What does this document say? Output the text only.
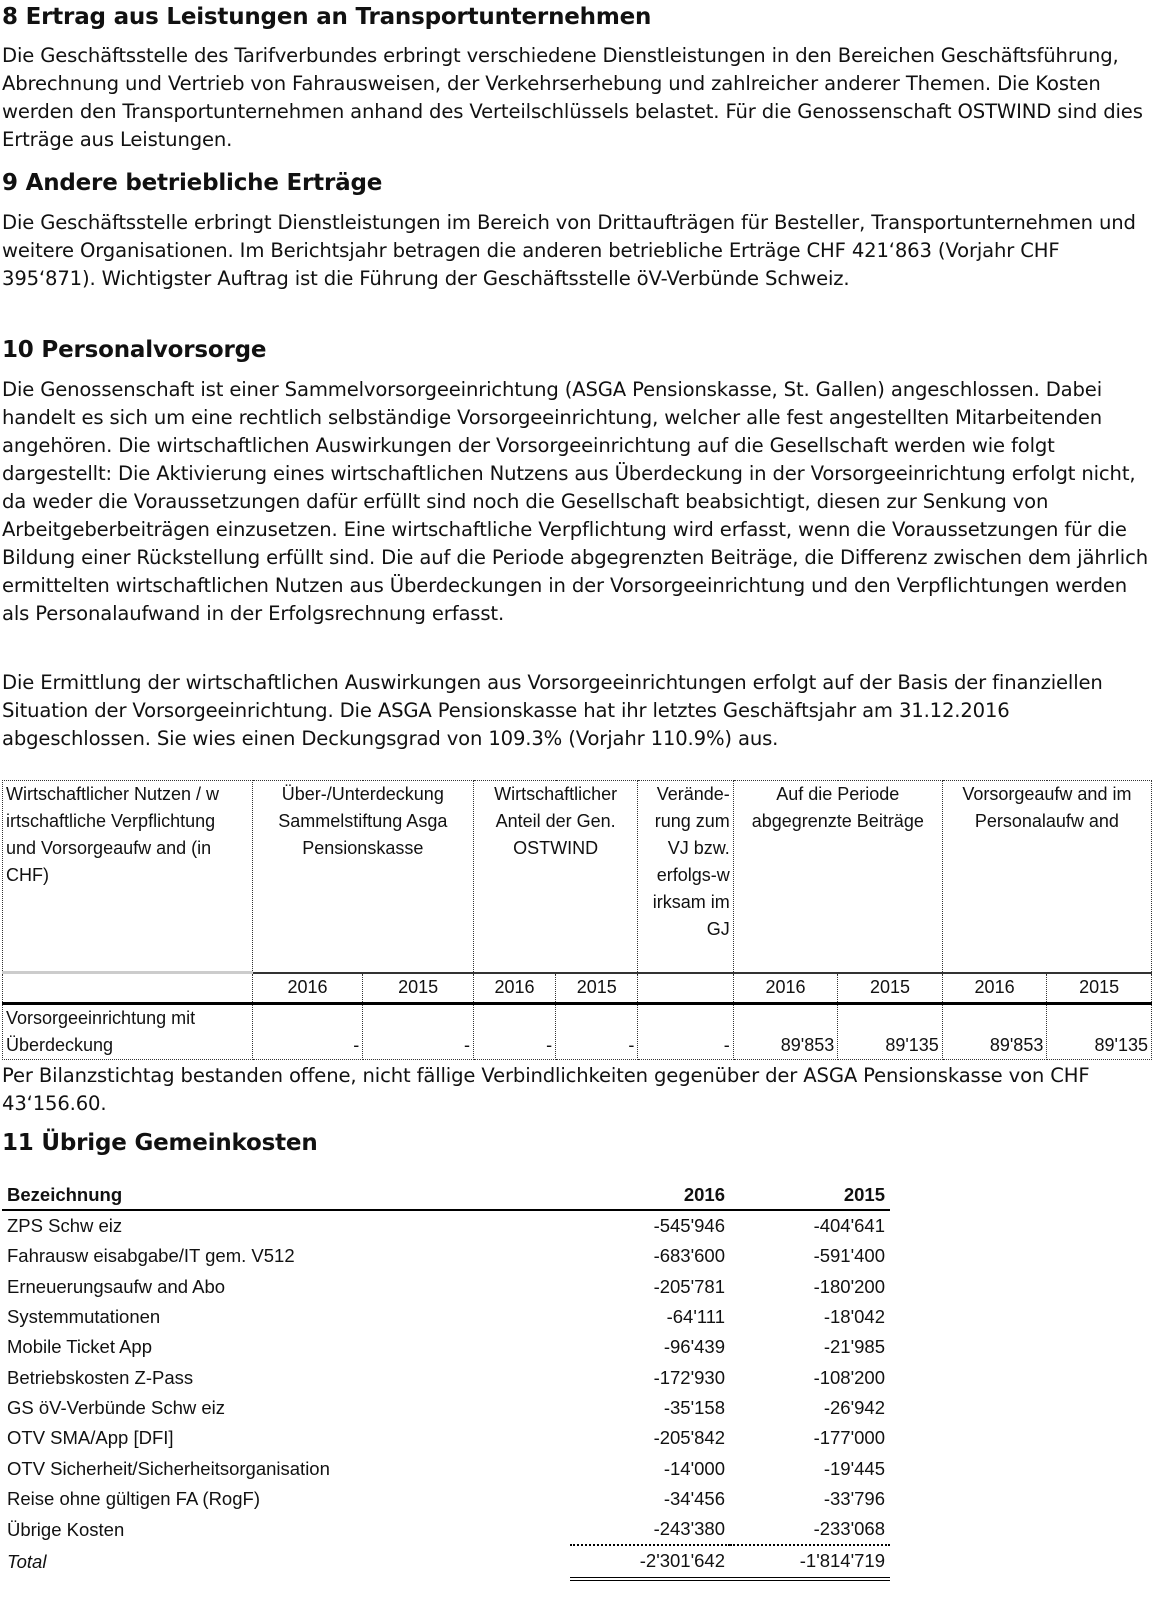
8 Ertrag aus Leistungen an Transportunternehmen

Die Geschäftsstelle des Tarifverbundes erbringt verschiedene Dienstleistungen in den Bereichen Geschäftsführung, Abrechnung und Vertrieb von Fahrausweisen, der Verkehrserhebung und zahlreicher anderer Themen. Die Kosten werden den Transportunternehmen anhand des Verteilschlüssels belastet. Für die Genossenschaft OSTWIND sind dies Erträge aus Leistungen.

9 Andere betriebliche Erträge

Die Geschäftsstelle erbringt Dienstleistungen im Bereich von Drittaufträgen für Besteller, Transportunternehmen und weitere Organisationen. Im Berichtsjahr betragen die anderen betriebliche Erträge CHF 421‘863 (Vorjahr CHF 395‘871). Wichtigster Auftrag ist die Führung der Geschäftsstelle öV-Verbünde Schweiz.

10 Personalvorsorge

Die Genossenschaft ist einer Sammelvorsorgeeinrichtung (ASGA Pensionskasse, St. Gallen) angeschlossen. Dabei handelt es sich um eine rechtlich selbständige Vorsorgeeinrichtung, welcher alle fest angestellten Mitarbeitenden angehören. Die wirtschaftlichen Auswirkungen der Vorsorgeeinrichtung auf die Gesellschaft werden wie folgt dargestellt: Die Aktivierung eines wirtschaftlichen Nutzens aus Überdeckung in der Vorsorgeeinrichtung erfolgt nicht, da weder die Voraussetzungen dafür erfüllt sind noch die Gesellschaft beabsichtigt, diesen zur Senkung von Arbeitgeberbeiträgen einzusetzen. Eine wirtschaftliche Verpflichtung wird erfasst, wenn die Voraussetzungen für die Bildung einer Rückstellung erfüllt sind. Die auf die Periode abgegrenzten Beiträge, die Differenz zwischen dem jährlich ermittelten wirtschaftlichen Nutzen aus Überdeckungen in der Vorsorgeeinrichtung und den Verpflichtungen werden als Personalaufwand in der Erfolgsrechnung erfasst.

Die Ermittlung der wirtschaftlichen Auswirkungen aus Vorsorgeeinrichtungen erfolgt auf der Basis der finanziellen Situation der Vorsorgeeinrichtung. Die ASGA Pensionskasse hat ihr letztes Geschäftsjahr am 31.12.2016 abgeschlossen. Sie wies einen Deckungsgrad von 109.3% (Vorjahr 110.9%) aus.

Wirtschaftlicher Nutzen / w irtschaftliche Verpflichtung und Vorsorgeaufw and (in CHF)	Über-/Unterdeckung Sammelstiftung Asga Pensionskasse		Wirtschaftlicher Anteil der Gen. OSTWIND		Verände-rung zum VJ bzw. erfolgs-w irksam im GJ	Auf die Periode abgegrenzte Beiträge		Vorsorgeaufw and im Personalaufw and	
	2016	2015	2016	2015		2016	2015	2016	2015
Vorsorgeeinrichtung mit Überdeckung	-	-	-	-	-	89'853	89'135	89'853	89'135

Per Bilanzstichtag bestanden offene, nicht fällige Verbindlichkeiten gegenüber der ASGA Pensionskasse von CHF 43‘156.60.

11 Übrige Gemeinkosten
Bezeichnung	2016	2015
ZPS Schw eiz	-545'946	-404'641
Fahrausw eisabgabe/IT gem. V512	-683'600	-591'400
Erneuerungsaufw and Abo	-205'781	-180'200
Systemmutationen	-64'111	-18'042
Mobile Ticket App	-96'439	-21'985
Betriebskosten Z-Pass	-172'930	-108'200
GS öV-Verbünde Schw eiz	-35'158	-26'942
OTV SMA/App [DFI]	-205'842	-177'000
OTV Sicherheit/Sicherheitsorganisation	-14'000	-19'445
Reise ohne gültigen FA (RogF)	-34'456	-33'796
Übrige Kosten	-243'380	-233'068
Total	-2'301'642	-1'814'719
